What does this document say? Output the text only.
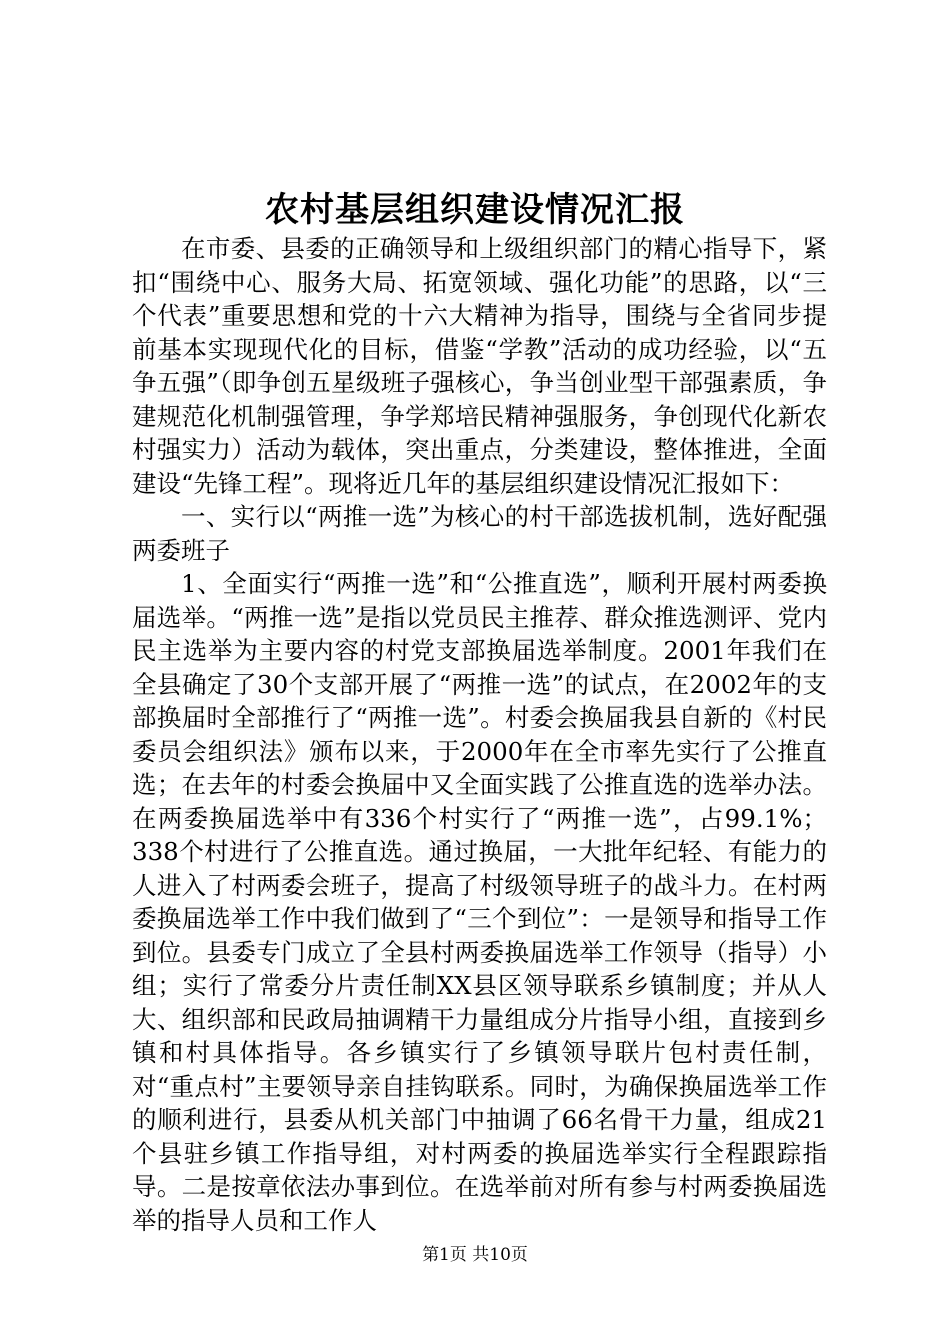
农村基层组织建设情况汇报

在市委、县委的正确领导和上级组织部门的精心指导下，紧扣“围绕中心、服务大局、拓宽领域、强化功能”的思路，以“三个代表”重要思想和党的十六大精神为指导，围绕与全省同步提前基本实现现代化的目标，借鉴“学教”活动的成功经验，以“五争五强”（即争创五星级班子强核心，争当创业型干部强素质，争建规范化机制强管理，争学郑培民精神强服务，争创现代化新农村强实力）活动为载体，突出重点，分类建设，整体推进，全面建设“先锋工程”。现将近几年的基层组织建设情况汇报如下：

一、实行以“两推一选”为核心的村干部选拔机制，选好配强两委班子

1、全面实行“两推一选”和“公推直选”，顺利开展村两委换届选举。“两推一选”是指以党员民主推荐、群众推选测评、党内民主选举为主要内容的村党支部换届选举制度。2001年我们在全县确定了30个支部开展了“两推一选”的试点，在2002年的支部换届时全部推行了“两推一选”。村委会换届我县自新的《村民委员会组织法》颁布以来，于2000年在全市率先实行了公推直选；在去年的村委会换届中又全面实践了公推直选的选举办法。在两委换届选举中有336个村实行了“两推一选”，占99.1%；338个村进行了公推直选。通过换届，一大批年纪轻、有能力的人进入了村两委会班子，提高了村级领导班子的战斗力。在村两委换届选举工作中我们做到了“三个到位”：一是领导和指导工作到位。县委专门成立了全县村两委换届选举工作领导（指导）小组；实行了常委分片责任制XX县区领导联系乡镇制度；并从人大、组织部和民政局抽调精干力量组成分片指导小组，直接到乡镇和村具体指导。各乡镇实行了乡镇领导联片包村责任制，对“重点村”主要领导亲自挂钩联系。同时，为确保换届选举工作的顺利进行，县委从机关部门中抽调了66名骨干力量，组成21个县驻乡镇工作指导组，对村两委的换届选举实行全程跟踪指导。二是按章依法办事到位。在选举前对所有参与村两委换届选举的指导人员和工作人

第1页 共10页
